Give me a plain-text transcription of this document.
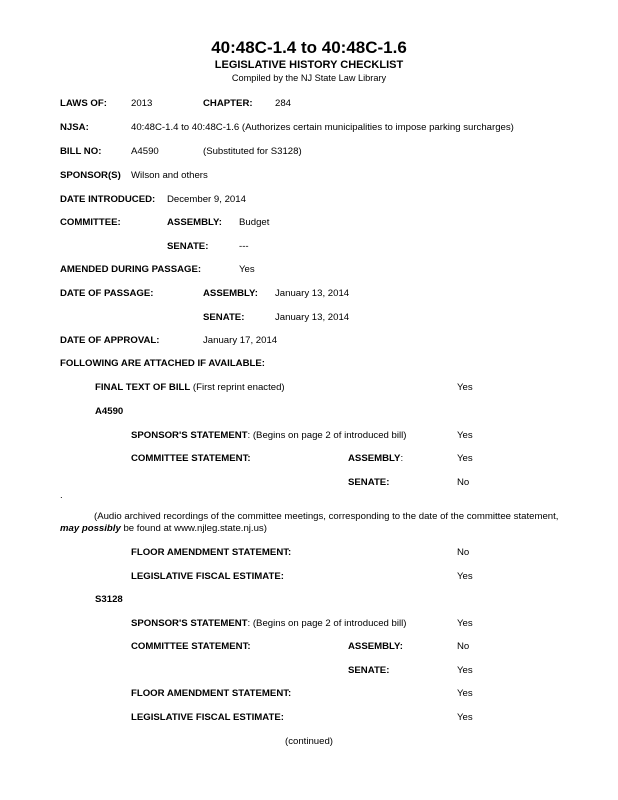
40:48C-1.4 to 40:48C-1.6
LEGISLATIVE HISTORY CHECKLIST
Compiled by the NJ State Law Library
LAWS OF:	2013	CHAPTER: 284
NJSA:	40:48C-1.4 to 40:48C-1.6 (Authorizes certain municipalities to impose parking surcharges)
BILL NO:	A4590	(Substituted for S3128)
SPONSOR(S) Wilson and others
DATE INTRODUCED: December 9, 2014
COMMITTEE:	ASSEMBLY: Budget
SENATE:	---
AMENDED DURING PASSAGE:	Yes
DATE OF PASSAGE:	ASSEMBLY: January 13, 2014
SENATE:	January 13, 2014
DATE OF APPROVAL:	January 17, 2014
FOLLOWING ARE ATTACHED IF AVAILABLE:
FINAL TEXT OF BILL (First reprint enacted)	Yes
A4590
SPONSOR'S STATEMENT: (Begins on page 2 of introduced bill)	Yes
COMMITTEE STATEMENT:	ASSEMBLY:	Yes
SENATE:	No
.
(Audio archived recordings of the committee meetings, corresponding to the date of the committee statement, may possibly be found at www.njleg.state.nj.us)
FLOOR AMENDMENT STATEMENT:	No
LEGISLATIVE FISCAL ESTIMATE:	Yes
S3128
SPONSOR'S STATEMENT: (Begins on page 2 of introduced bill)	Yes
COMMITTEE STATEMENT:	ASSEMBLY:	No
SENATE:	Yes
FLOOR AMENDMENT STATEMENT:	Yes
LEGISLATIVE FISCAL ESTIMATE:	Yes
(continued)
